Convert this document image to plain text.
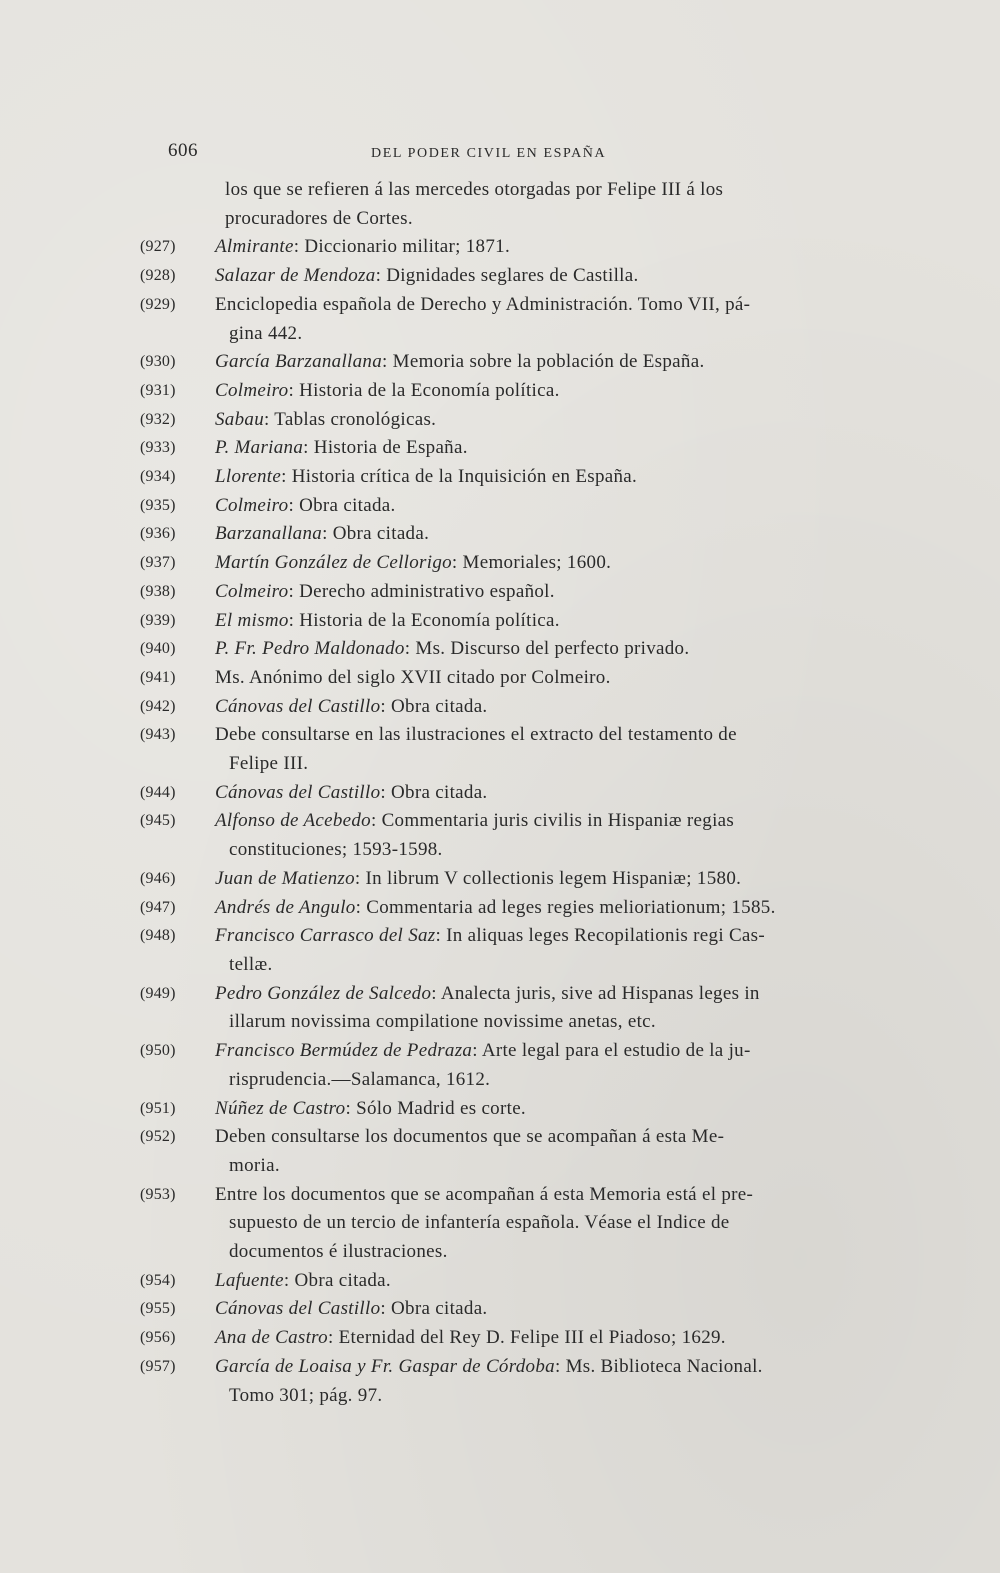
606	DEL PODER CIVIL EN ESPAÑA
los que se refieren á las mercedes otorgadas por Felipe III á los
procuradores de Cortes.
(927) Almirante: Diccionario militar; 1871.
(928) Salazar de Mendoza: Dignidades seglares de Castilla.
(929) Enciclopedia española de Derecho y Administración. Tomo VII, pá-
gina 442.
(930) García Barzanallana: Memoria sobre la población de España.
(931) Colmeiro: Historia de la Economía política.
(932) Sabau: Tablas cronológicas.
(933) P. Mariana: Historia de España.
(934) Llorente: Historia crítica de la Inquisición en España.
(935) Colmeiro: Obra citada.
(936) Barzanallana: Obra citada.
(937) Martín González de Cellorigo: Memoriales; 1600.
(938) Colmeiro: Derecho administrativo español.
(939) El mismo: Historia de la Economía política.
(940) P. Fr. Pedro Maldonado: Ms. Discurso del perfecto privado.
(941) Ms. Anónimo del siglo XVII citado por Colmeiro.
(942) Cánovas del Castillo: Obra citada.
(943) Debe consultarse en las ilustraciones el extracto del testamento de
Felipe III.
(944) Cánovas del Castillo: Obra citada.
(945) Alfonso de Acebedo: Commentaria juris civilis in Hispaniæ regias
constituciones; 1593-1598.
(946) Juan de Matienzo: In librum V collectionis legem Hispaniæ; 1580.
(947) Andrés de Angulo: Commentaria ad leges regies melioriationum; 1585.
(948) Francisco Carrasco del Saz: In aliquas leges Recopilationis regi Cas-
tellæ.
(949) Pedro González de Salcedo: Analecta juris, sive ad Hispanas leges in
illarum novissima compilatione novissime anetas, etc.
(950) Francisco Bermúdez de Pedraza: Arte legal para el estudio de la ju-
risprudencia.—Salamanca, 1612.
(951) Núñez de Castro: Sólo Madrid es corte.
(952) Deben consultarse los documentos que se acompañan á esta Me-
moria.
(953) Entre los documentos que se acompañan á esta Memoria está el pre-
supuesto de un tercio de infantería española. Véase el Indice de
documentos é ilustraciones.
(954) Lafuente: Obra citada.
(955) Cánovas del Castillo: Obra citada.
(956) Ana de Castro: Eternidad del Rey D. Felipe III el Piadoso; 1629.
(957) García de Loaisa y Fr. Gaspar de Córdoba: Ms. Biblioteca Nacional.
Tomo 301; pág. 97.
